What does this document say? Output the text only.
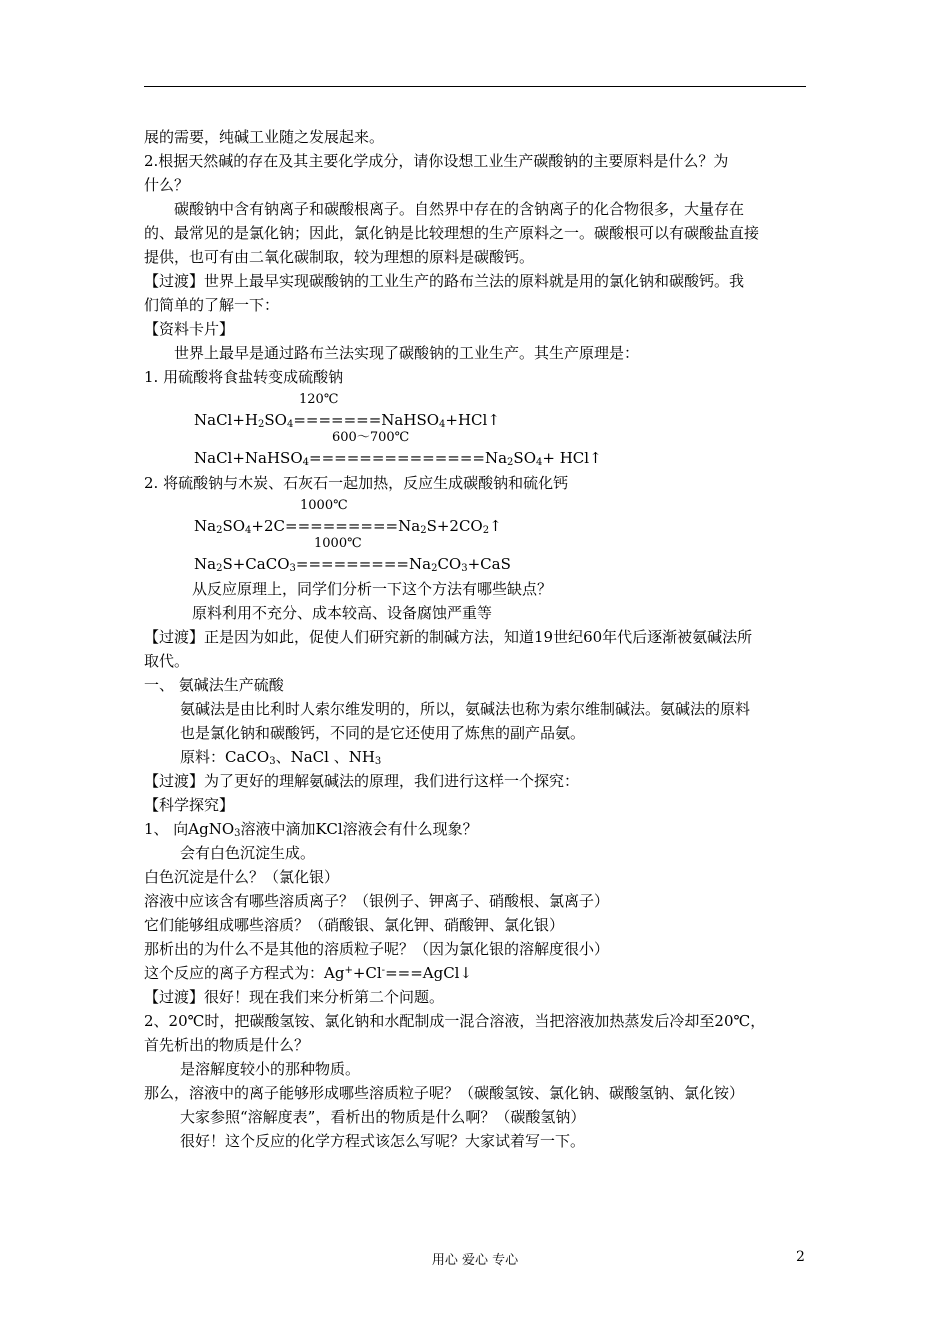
展的需要，纯碱工业随之发展起来。
2.根据天然碱的存在及其主要化学成分，请你设想工业生产碳酸钠的主要原料是什么？为
什么？
碳酸钠中含有钠离子和碳酸根离子。自然界中存在的含钠离子的化合物很多，大量存在
的、最常见的是氯化钠；因此，氯化钠是比较理想的生产原料之一。碳酸根可以有碳酸盐直接
提供，也可有由二氧化碳制取，较为理想的原料是碳酸钙。
【过渡】世界上最早实现碳酸钠的工业生产的路布兰法的原料就是用的氯化钠和碳酸钙。我
们简单的了解一下：
【资料卡片】
世界上最早是通过路布兰法实现了碳酸钠的工业生产。其生产原理是：
1. 用硫酸将食盐转变成硫酸钠
120℃
$NaCl+H_2SO_4=======NaHSO_4+HCl↑$
600～700℃
$NaCl+NaHSO_4==============Na_2SO_4+$ HCl↑
2. 将硫酸钠与木炭、石灰石一起加热，反应生成碳酸钠和硫化钙
1000℃
$Na_2SO_4+2C=========Na_2S+2CO_2↑$
1000℃
$Na_2S+CaCO_3=========Na_2CO_3+CaS$
从反应原理上，同学们分析一下这个方法有哪些缺点？
原料利用不充分、成本较高、设备腐蚀严重等
【过渡】正是因为如此，促使人们研究新的制碱方法，知道19世纪60年代后逐渐被氨碱法所
取代。
一、 氨碱法生产硫酸
氨碱法是由比利时人索尔维发明的，所以，氨碱法也称为索尔维制碱法。氨碱法的原料
也是氯化钠和碳酸钙，不同的是它还使用了炼焦的副产品氨。
原料：CaCO$_3$、NaCl 、$NH_3$
【过渡】为了更好的理解氨碱法的原理，我们进行这样一个探究：
【科学探究】
1、 向AgNO$_3$溶液中滴加KCl溶液会有什么现象？
会有白色沉淀生成。
白色沉淀是什么？（氯化银）
溶液中应该含有哪些溶质离子？（银例子、钾离子、硝酸根、氯离子）
它们能够组成哪些溶质？（硝酸银、氯化钾、硝酸钾、氯化银）
那析出的为什么不是其他的溶质粒子呢？（因为氯化银的溶解度很小）
这个反应的离子方程式为：Ag++Cl-===AgCl↓
【过渡】很好！现在我们来分析第二个问题。
2、20℃时，把碳酸氢铵、氯化钠和水配制成一混合溶液，当把溶液加热蒸发后冷却至20℃，
首先析出的物质是什么？
是溶解度较小的那种物质。
那么，溶液中的离子能够形成哪些溶质粒子呢？（碳酸氢铵、氯化钠、碳酸氢钠、氯化铵）
大家参照“溶解度表”，看析出的物质是什么啊？（碳酸氢钠）
很好！这个反应的化学方程式该怎么写呢？大家试着写一下。
用心 爱心 专心	2
